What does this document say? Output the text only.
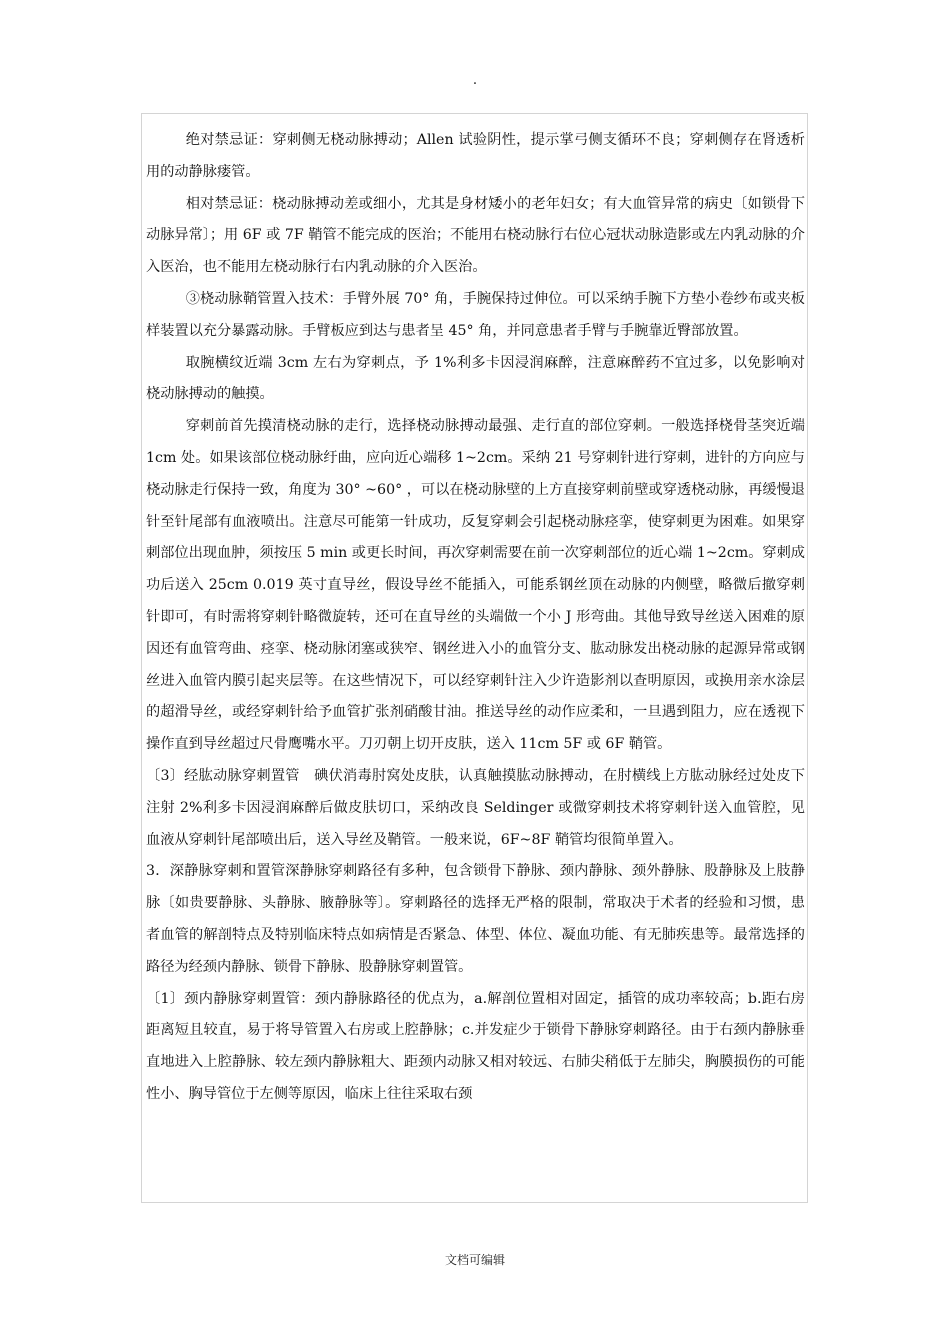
.

绝对禁忌证：穿刺侧无桡动脉搏动；Allen 试验阴性，提示掌弓侧支循环不良；穿刺侧存在肾透析用的动静脉瘘管。

相对禁忌证：桡动脉搏动差或细小，尤其是身材矮小的老年妇女；有大血管异常的病史〔如锁骨下动脉异常〕；用 6F 或 7F 鞘管不能完成的医治；不能用右桡动脉行右位心冠状动脉造影或左内乳动脉的介入医治，也不能用左桡动脉行右内乳动脉的介入医治。

③桡动脉鞘管置入技术：手臂外展 70° 角，手腕保持过伸位。可以采纳手腕下方垫小卷纱布或夹板样装置以充分暴露动脉。手臂板应到达与患者呈 45° 角，并同意患者手臂与手腕靠近臀部放置。

取腕横纹近端 3cm 左右为穿刺点，予 1%利多卡因浸润麻醉，注意麻醉药不宜过多，以免影响对桡动脉搏动的触摸。

穿刺前首先摸清桡动脉的走行，选择桡动脉搏动最强、走行直的部位穿刺。一般选择桡骨茎突近端 1cm 处。如果该部位桡动脉纡曲，应向近心端移 1~2cm。采纳 21 号穿刺针进行穿刺，进针的方向应与桡动脉走行保持一致，角度为 30° ~60° ，可以在桡动脉壁的上方直接穿刺前壁或穿透桡动脉，再缓慢退针至针尾部有血液喷出。注意尽可能第一针成功，反复穿刺会引起桡动脉痉挛，使穿刺更为困难。如果穿刺部位出现血肿，须按压 5 min 或更长时间，再次穿刺需要在前一次穿刺部位的近心端 1~2cm。穿刺成功后送入 25cm 0.019 英寸直导丝，假设导丝不能插入，可能系钢丝顶在动脉的内侧壁，略微后撤穿刺针即可，有时需将穿刺针略微旋转，还可在直导丝的头端做一个小 J 形弯曲。其他导致导丝送入困难的原因还有血管弯曲、痉挛、桡动脉闭塞或狭窄、钢丝进入小的血管分支、肱动脉发出桡动脉的起源异常或钢丝进入血管内膜引起夹层等。在这些情况下，可以经穿刺针注入少许造影剂以查明原因，或换用亲水涂层的超滑导丝，或经穿刺针给予血管扩张剂硝酸甘油。推送导丝的动作应柔和，一旦遇到阻力，应在透视下操作直到导丝超过尺骨鹰嘴水平。刀刃朝上切开皮肤，送入 11cm 5F 或 6F 鞘管。

〔3〕经肱动脉穿刺置管　碘伏消毒肘窝处皮肤，认真触摸肱动脉搏动，在肘横线上方肱动脉经过处皮下注射 2%利多卡因浸润麻醉后做皮肤切口，采纳改良 Seldinger 或微穿刺技术将穿刺针送入血管腔，见血液从穿刺针尾部喷出后，送入导丝及鞘管。一般来说，6F~8F 鞘管均很简单置入。

3．深静脉穿刺和置管深静脉穿刺路径有多种，包含锁骨下静脉、颈内静脉、颈外静脉、股静脉及上肢静脉〔如贵要静脉、头静脉、腋静脉等〕。穿刺路径的选择无严格的限制，常取决于术者的经验和习惯，患者血管的解剖特点及特别临床特点如病情是否紧急、体型、体位、凝血功能、有无肺疾患等。最常选择的路径为经颈内静脉、锁骨下静脉、股静脉穿刺置管。

〔1〕颈内静脉穿刺置管：颈内静脉路径的优点为，a.解剖位置相对固定，插管的成功率较高；b.距右房距离短且较直，易于将导管置入右房或上腔静脉；c.并发症少于锁骨下静脉穿刺路径。由于右颈内静脉垂直地进入上腔静脉、较左颈内静脉粗大、距颈内动脉又相对较远、右肺尖稍低于左肺尖，胸膜损伤的可能性小、胸导管位于左侧等原因，临床上往往采取右颈

文档可编辑
